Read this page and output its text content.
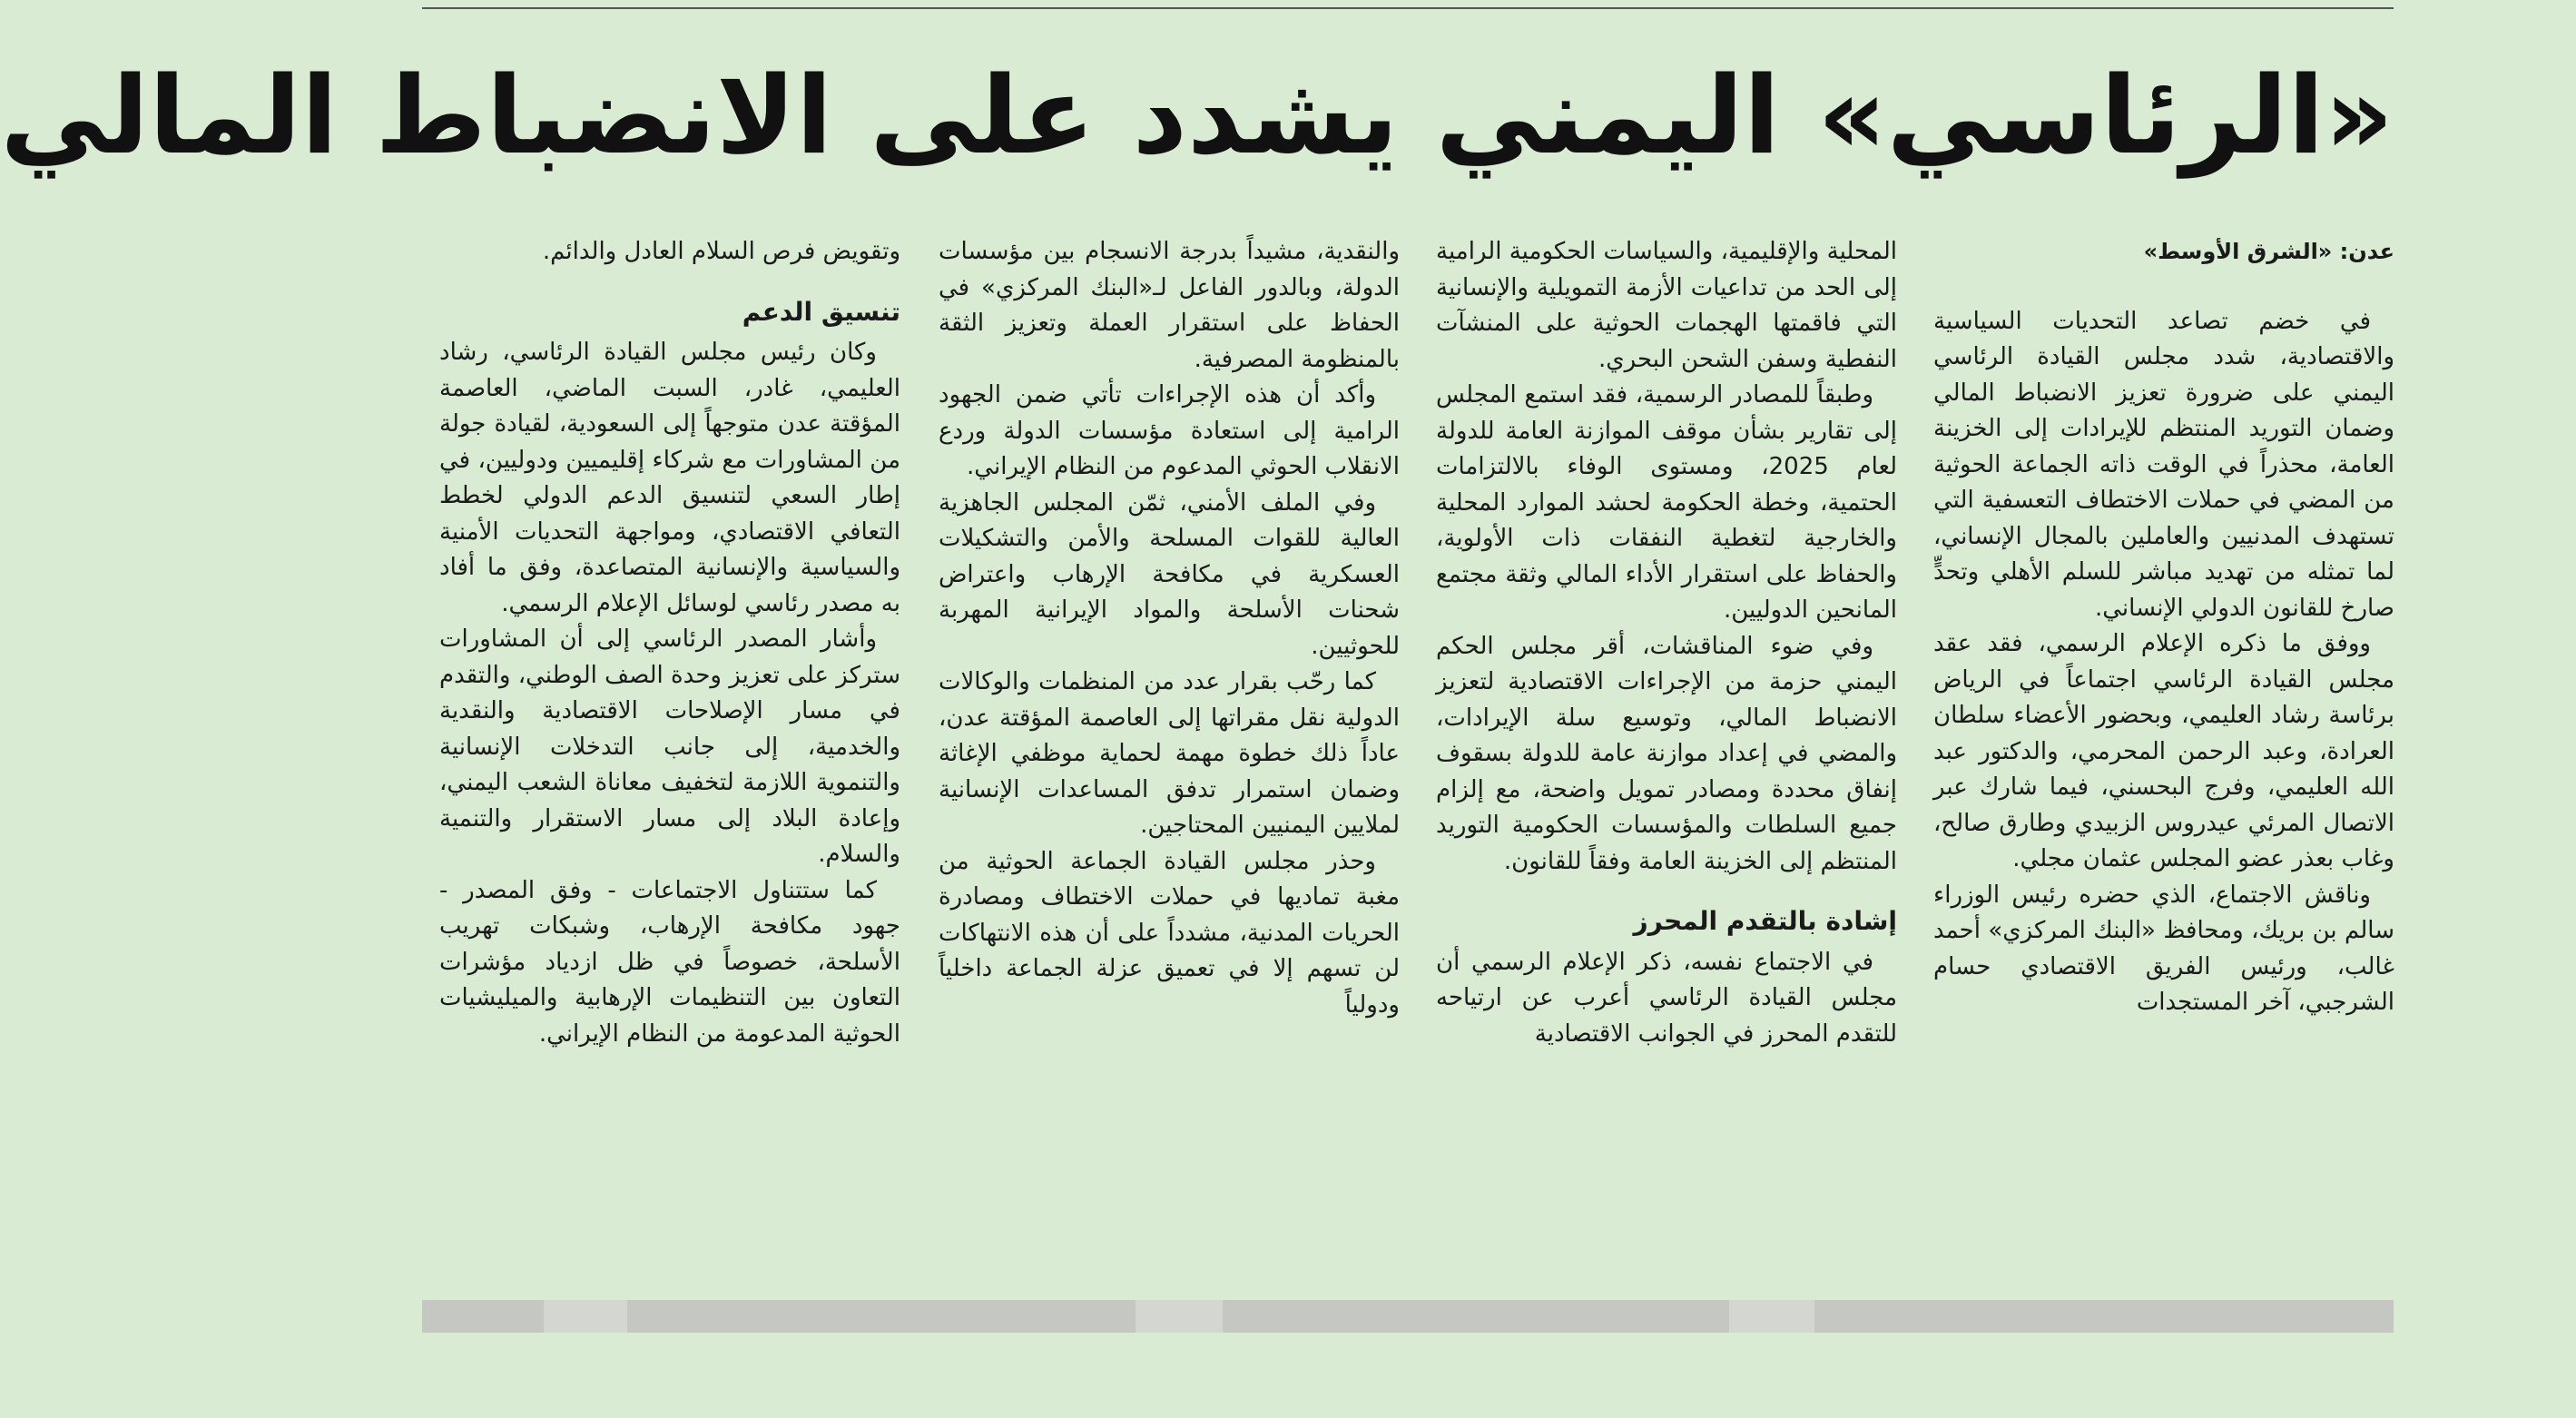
«الرئاسي» اليمني يشدد على الانضباط المالي

عدن: «الشرق الأوسط»

في خضم تصاعد التحديات السياسية والاقتصادية، شدد مجلس القيادة الرئاسي اليمني على ضرورة تعزيز الانضباط المالي وضمان التوريد المنتظم للإيرادات إلى الخزينة العامة، محذراً في الوقت ذاته الجماعة الحوثية من المضي في حملات الاختطاف التعسفية التي تستهدف المدنيين والعاملين بالمجال الإنساني، لما تمثله من تهديد مباشر للسلم الأهلي وتحدٍّ صارخ للقانون الدولي الإنساني.

ووفق ما ذكره الإعلام الرسمي، فقد عقد مجلس القيادة الرئاسي اجتماعاً في الرياض برئاسة رشاد العليمي، وبحضور الأعضاء سلطان العرادة، وعبد الرحمن المحرمي، والدكتور عبد الله العليمي، وفرج البحسني، فيما شارك عبر الاتصال المرئي عيدروس الزبيدي وطارق صالح، وغاب بعذر عضو المجلس عثمان مجلي.

وناقش الاجتماع، الذي حضره رئيس الوزراء سالم بن بريك، ومحافظ «البنك المركزي» أحمد غالب، ورئيس الفريق الاقتصادي حسام الشرجبي، آخر المستجدات

المحلية والإقليمية، والسياسات الحكومية الرامية إلى الحد من تداعيات الأزمة التمويلية والإنسانية التي فاقمتها الهجمات الحوثية على المنشآت النفطية وسفن الشحن البحري.

وطبقاً للمصادر الرسمية، فقد استمع المجلس إلى تقارير بشأن موقف الموازنة العامة للدولة لعام 2025، ومستوى الوفاء بالالتزامات الحتمية، وخطة الحكومة لحشد الموارد المحلية والخارجية لتغطية النفقات ذات الأولوية، والحفاظ على استقرار الأداء المالي وثقة مجتمع المانحين الدوليين.

وفي ضوء المناقشات، أقر مجلس الحكم اليمني حزمة من الإجراءات الاقتصادية لتعزيز الانضباط المالي، وتوسيع سلة الإيرادات، والمضي في إعداد موازنة عامة للدولة بسقوف إنفاق محددة ومصادر تمويل واضحة، مع إلزام جميع السلطات والمؤسسات الحكومية التوريد المنتظم إلى الخزينة العامة وفقاً للقانون.

إشادة بالتقدم المحرز

في الاجتماع نفسه، ذكر الإعلام الرسمي أن مجلس القيادة الرئاسي أعرب عن ارتياحه للتقدم المحرز في الجوانب الاقتصادية

والنقدية، مشيداً بدرجة الانسجام بين مؤسسات الدولة، وبالدور الفاعل لـ«البنك المركزي» في الحفاظ على استقرار العملة وتعزيز الثقة بالمنظومة المصرفية.

وأكد أن هذه الإجراءات تأتي ضمن الجهود الرامية إلى استعادة مؤسسات الدولة وردع الانقلاب الحوثي المدعوم من النظام الإيراني.

وفي الملف الأمني، ثمّن المجلس الجاهزية العالية للقوات المسلحة والأمن والتشكيلات العسكرية في مكافحة الإرهاب واعتراض شحنات الأسلحة والمواد الإيرانية المهربة للحوثيين.

كما رحّب بقرار عدد من المنظمات والوكالات الدولية نقل مقراتها إلى العاصمة المؤقتة عدن، عاداً ذلك خطوة مهمة لحماية موظفي الإغاثة وضمان استمرار تدفق المساعدات الإنسانية لملايين اليمنيين المحتاجين.

وحذر مجلس القيادة الجماعة الحوثية من مغبة تماديها في حملات الاختطاف ومصادرة الحريات المدنية، مشدداً على أن هذه الانتهاكات لن تسهم إلا في تعميق عزلة الجماعة داخلياً ودولياً

وتقويض فرص السلام العادل والدائم.

تنسيق الدعم

وكان رئيس مجلس القيادة الرئاسي، رشاد العليمي، غادر، السبت الماضي، العاصمة المؤقتة عدن متوجهاً إلى السعودية، لقيادة جولة من المشاورات مع شركاء إقليميين ودوليين، في إطار السعي لتنسيق الدعم الدولي لخطط التعافي الاقتصادي، ومواجهة التحديات الأمنية والسياسية والإنسانية المتصاعدة، وفق ما أفاد به مصدر رئاسي لوسائل الإعلام الرسمي.

وأشار المصدر الرئاسي إلى أن المشاورات ستركز على تعزيز وحدة الصف الوطني، والتقدم في مسار الإصلاحات الاقتصادية والنقدية والخدمية، إلى جانب التدخلات الإنسانية والتنموية اللازمة لتخفيف معاناة الشعب اليمني، وإعادة البلاد إلى مسار الاستقرار والتنمية والسلام.

كما ستتناول الاجتماعات - وفق المصدر - جهود مكافحة الإرهاب، وشبكات تهريب الأسلحة، خصوصاً في ظل ازدياد مؤشرات التعاون بين التنظيمات الإرهابية والميليشيات الحوثية المدعومة من النظام الإيراني.
